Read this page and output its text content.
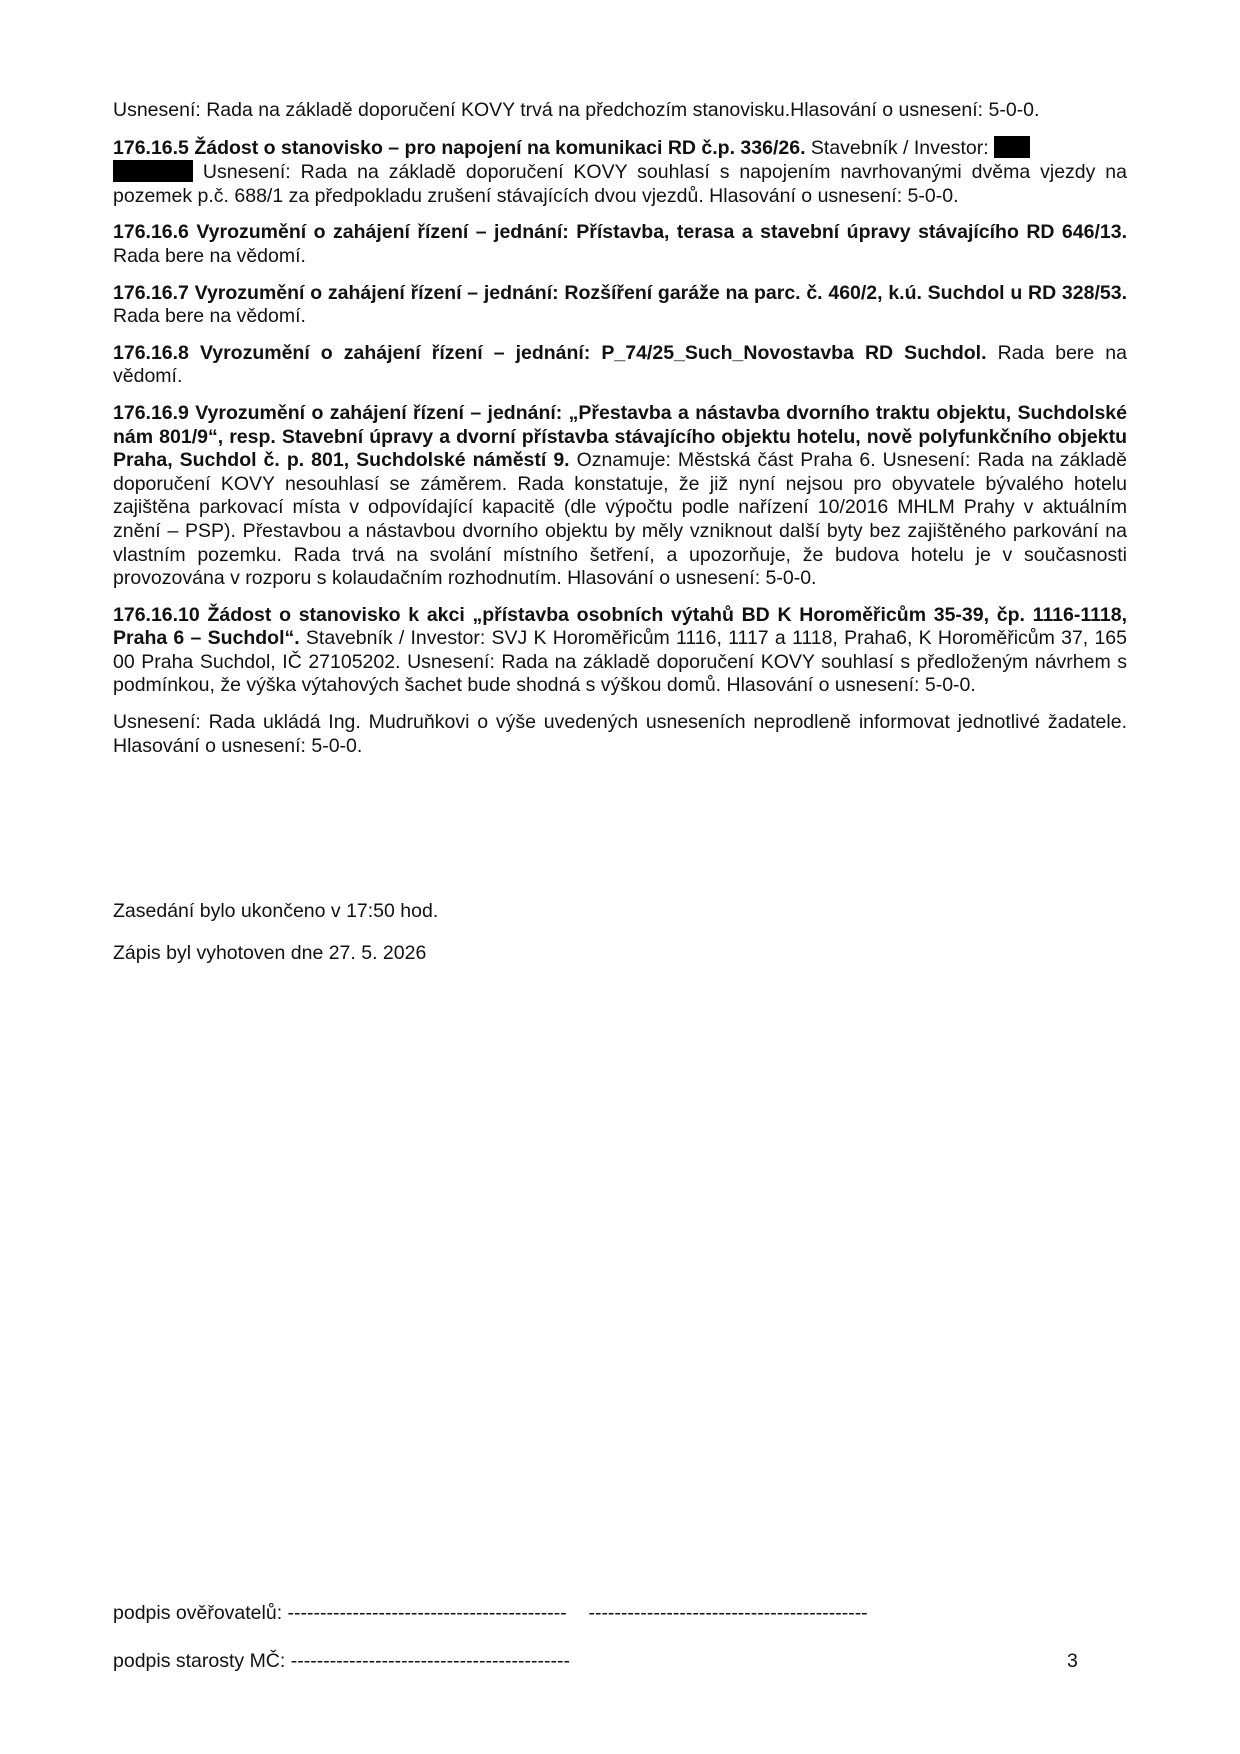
Usnesení: Rada na základě doporučení KOVY trvá na předchozím stanovisku.Hlasování o usnesení: 5-0-0.

176.16.5 Žádost o stanovisko – pro napojení na komunikaci RD č.p. 336/26. Stavebník / Investor:
Usnesení: Rada na základě doporučení KOVY souhlasí s napojením navrhovanými dvěma vjezdy na pozemek p.č. 688/1 za předpokladu zrušení stávajících dvou vjezdů. Hlasování o usnesení: 5-0-0.

176.16.6 Vyrozumění o zahájení řízení – jednání: Přístavba, terasa a stavební úpravy stávajícího RD 646/13. Rada bere na vědomí.

176.16.7 Vyrozumění o zahájení řízení – jednání: Rozšíření garáže na parc. č. 460/2, k.ú. Suchdol u RD 328/53. Rada bere na vědomí.

176.16.8 Vyrozumění o zahájení řízení – jednání: P_74/25_Such_Novostavba RD Suchdol. Rada bere na vědomí.

176.16.9 Vyrozumění o zahájení řízení – jednání: „Přestavba a nástavba dvorního traktu objektu, Suchdolské nám 801/9“, resp. Stavební úpravy a dvorní přístavba stávajícího objektu hotelu, nově polyfunkčního objektu Praha, Suchdol č. p. 801, Suchdolské náměstí 9. Oznamuje: Městská část Praha 6. Usnesení: Rada na základě doporučení KOVY nesouhlasí se záměrem. Rada konstatuje, že již nyní nejsou pro obyvatele bývalého hotelu zajištěna parkovací místa v odpovídající kapacitě (dle výpočtu podle nařízení 10/2016 MHLM Prahy v aktuálním znění – PSP). Přestavbou a nástavbou dvorního objektu by měly vzniknout další byty bez zajištěného parkování na vlastním pozemku. Rada trvá na svolání místního šetření, a upozorňuje, že budova hotelu je v současnosti provozována v rozporu s kolaudačním rozhodnutím. Hlasování o usnesení: 5-0-0.

176.16.10 Žádost o stanovisko k akci „přístavba osobních výtahů BD K Horoměřicům 35-39, čp. 1116-1118, Praha 6 – Suchdol“. Stavebník / Investor: SVJ K Horoměřicům 1116, 1117 a 1118, Praha6, K Horoměřicům 37, 165 00 Praha Suchdol, IČ 27105202. Usnesení: Rada na základě doporučení KOVY souhlasí s předloženým návrhem s podmínkou, že výška výtahových šachet bude shodná s výškou domů. Hlasování o usnesení: 5-0-0.

Usnesení: Rada ukládá Ing. Mudruňkovi o výše uvedených usneseních neprodleně informovat jednotlivé žadatele. Hlasování o usnesení: 5-0-0.

Zasedání bylo ukončeno v 17:50 hod.
Zápis byl vyhotoven dne 27. 5. 2026
podpis ověřovatelů: ------------------------------------------- -------------------------------------------
podpis starosty MČ: -------------------------------------------	3
